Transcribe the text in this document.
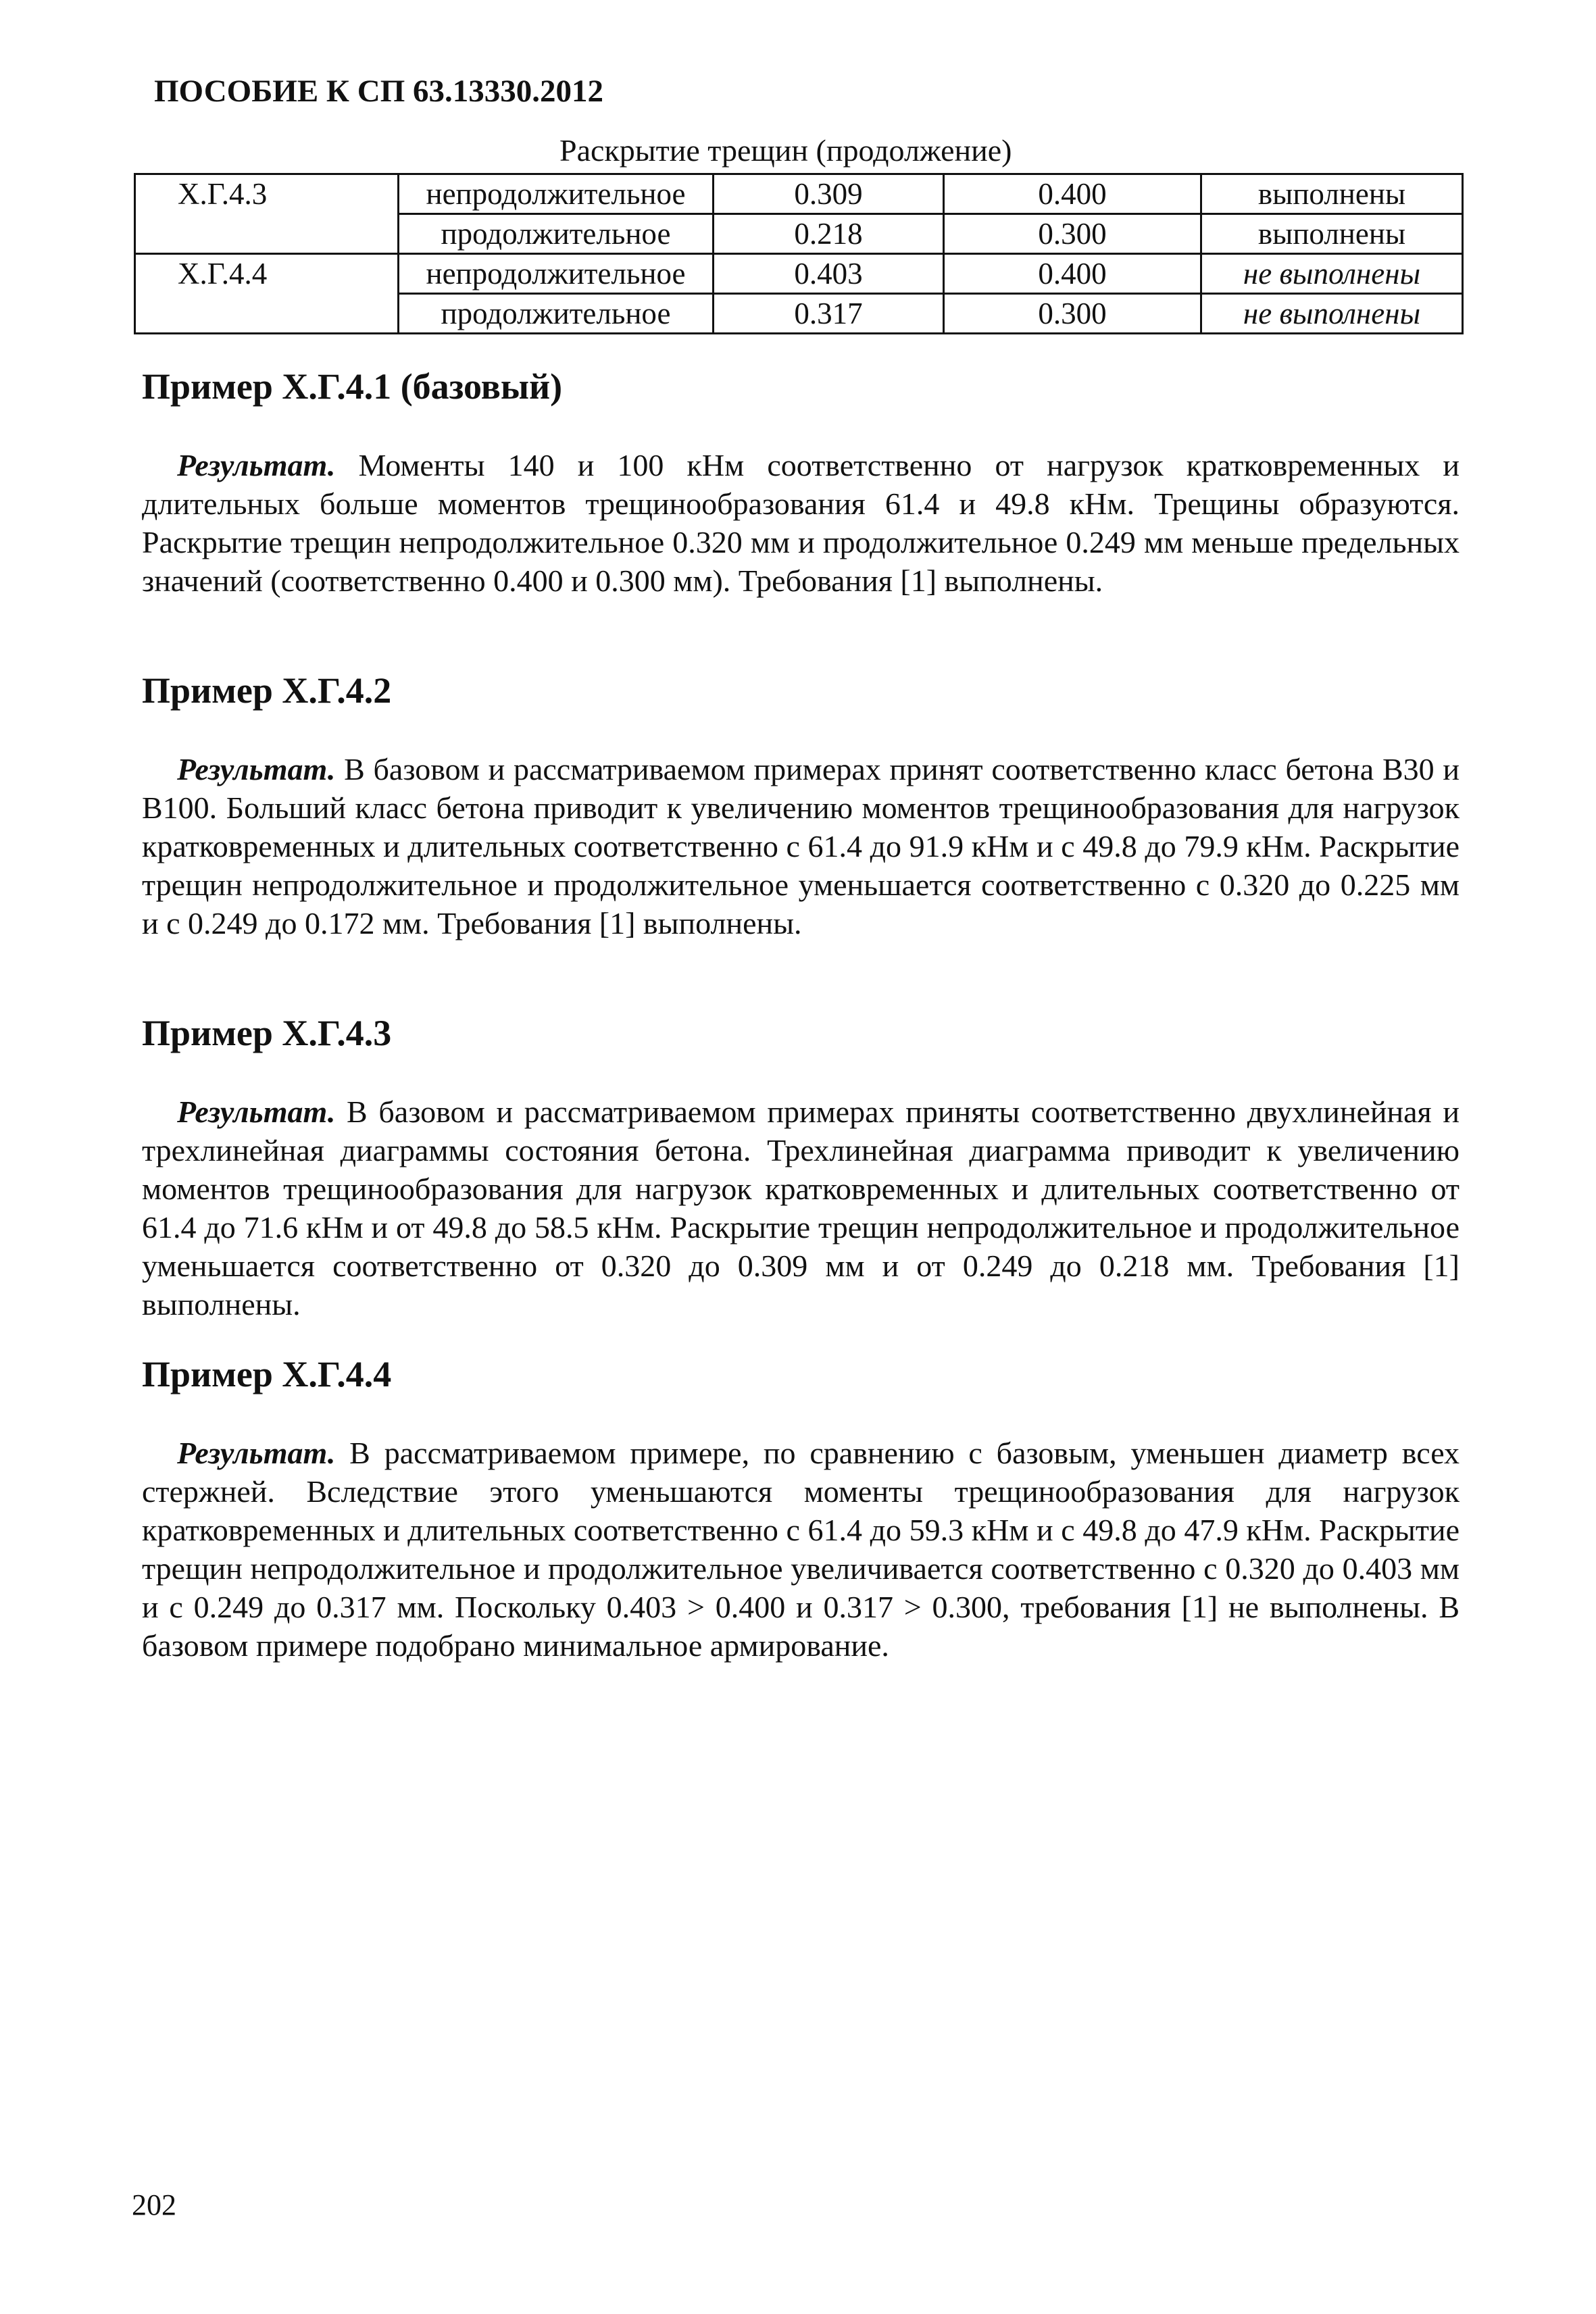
ПОСОБИЕ К СП 63.13330.2012
Раскрытие трещин (продолжение)
Х.Г.4.3	непродолжительное	0.309	0.400	выполнены
	продолжительное	0.218	0.300	выполнены
Х.Г.4.4	непродолжительное	0.403	0.400	не выполнены
	продолжительное	0.317	0.300	не выполнены
Пример Х.Г.4.1 (базовый)

Результат. Моменты 140 и 100 кНм соответственно от нагрузок кратковременных и длительных больше моментов трещинообразования 61.4 и 49.8 кНм. Трещины образуются. Раскрытие трещин непродолжительное 0.320 мм и продолжительное 0.249 мм меньше предельных значений (соответственно 0.400 и 0.300 мм). Требования [1] выполнены.

Пример Х.Г.4.2

Результат. В базовом и рассматриваемом примерах принят соответственно класс бетона В30 и В100. Больший класс бетона приводит к увеличению моментов трещинообразования для нагрузок кратковременных и длительных соответственно с 61.4 до 91.9 кНм и с 49.8 до 79.9 кНм. Раскрытие трещин непродолжительное и продолжительное уменьшается соответственно с 0.320 до 0.225 мм и с 0.249 до 0.172 мм. Требования [1] выполнены.

Пример Х.Г.4.3

Результат. В базовом и рассматриваемом примерах приняты соответственно двухлинейная и трехлинейная диаграммы состояния бетона. Трехлинейная диаграмма приводит к увеличению моментов трещинообразования для нагрузок кратковременных и длительных соответственно от 61.4 до 71.6 кНм и от 49.8 до 58.5 кНм. Раскрытие трещин непродолжительное и продолжительное уменьшается соответственно от 0.320 до 0.309 мм и от 0.249 до 0.218 мм. Требования [1] выполнены.

Пример Х.Г.4.4

Результат. В рассматриваемом примере, по сравнению с базовым, уменьшен диаметр всех стержней. Вследствие этого уменьшаются моменты трещинообразования для нагрузок кратковременных и длительных соответственно с 61.4 до 59.3 кНм и с 49.8 до 47.9 кНм. Раскрытие трещин непродолжительное и продолжительное увеличивается соответственно с 0.320 до 0.403 мм и с 0.249 до 0.317 мм. Поскольку 0.403 > 0.400 и 0.317 > 0.300, требования [1] не выполнены. В базовом примере подобрано минимальное армирование.

202
